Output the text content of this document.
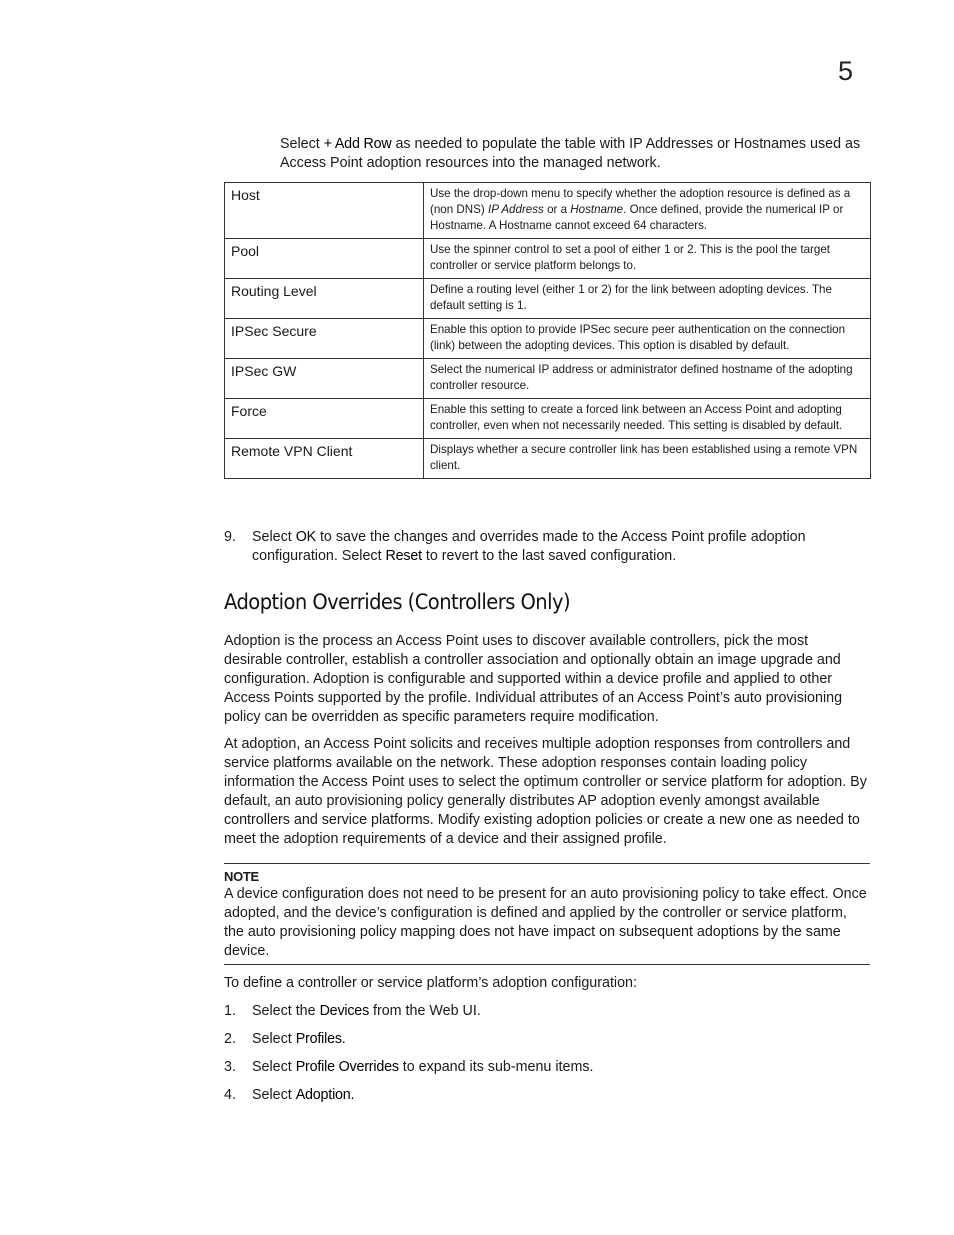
5

Select + Add Row as needed to populate the table with IP Addresses or Hostnames used as Access Point adoption resources into the managed network.

Host	Use the drop-down menu to specify whether the adoption resource is defined as a (non DNS) IP Address or a Hostname. Once defined, provide the numerical IP or Hostname. A Hostname cannot exceed 64 characters.
Pool	Use the spinner control to set a pool of either 1 or 2. This is the pool the target controller or service platform belongs to.
Routing Level	Define a routing level (either 1 or 2) for the link between adopting devices. The default setting is 1.
IPSec Secure	Enable this option to provide IPSec secure peer authentication on the connection (link) between the adopting devices. This option is disabled by default.
IPSec GW	Select the numerical IP address or administrator defined hostname of the adopting controller resource.
Force	Enable this setting to create a forced link between an Access Point and adopting controller, even when not necessarily needed. This setting is disabled by default.
Remote VPN Client	Displays whether a secure controller link has been established using a remote VPN client.
9.	Select OK to save the changes and overrides made to the Access Point profile adoption configuration. Select Reset to revert to the last saved configuration.
Adoption Overrides (Controllers Only)

Adoption is the process an Access Point uses to discover available controllers, pick the most desirable controller, establish a controller association and optionally obtain an image upgrade and configuration. Adoption is configurable and supported within a device profile and applied to other Access Points supported by the profile. Individual attributes of an Access Point’s auto provisioning policy can be overridden as specific parameters require modification.

At adoption, an Access Point solicits and receives multiple adoption responses from controllers and service platforms available on the network. These adoption responses contain loading policy information the Access Point uses to select the optimum controller or service platform for adoption. By default, an auto provisioning policy generally distributes AP adoption evenly amongst available controllers and service platforms. Modify existing adoption policies or create a new one as needed to meet the adoption requirements of a device and their assigned profile.

NOTE
A device configuration does not need to be present for an auto provisioning policy to take effect. Once adopted, and the device’s configuration is defined and applied by the controller or service platform, the auto provisioning policy mapping does not have impact on subsequent adoptions by the same device.

To define a controller or service platform’s adoption configuration:

1.	Select the Devices from the Web UI.
2.	Select Profiles.
3.	Select Profile Overrides to expand its sub-menu items.
4.	Select Adoption.
